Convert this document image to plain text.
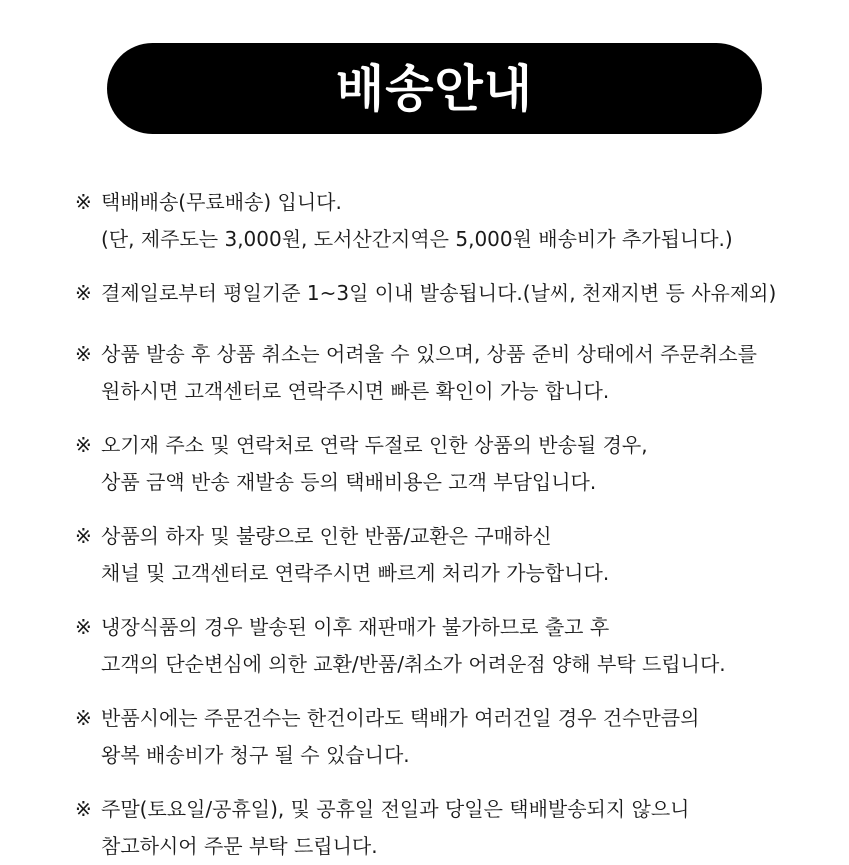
배송안내
※ 택배배송(무료배송) 입니다.
(단, 제주도는 3,000원, 도서산간지역은 5,000원 배송비가 추가됩니다.)
※ 결제일로부터 평일기준 1~3일 이내 발송됩니다.(날씨, 천재지변 등 사유제외)
※ 상품 발송 후 상품 취소는 어려울 수 있으며, 상품 준비 상태에서 주문취소를
원하시면 고객센터로 연락주시면 빠른 확인이 가능 합니다.
※ 오기재 주소 및 연락처로 연락 두절로 인한 상품의 반송될 경우,
상품 금액 반송 재발송 등의 택배비용은 고객 부담입니다.
※ 상품의 하자 및 불량으로 인한 반품/교환은 구매하신
채널 및 고객센터로 연락주시면 빠르게 처리가 가능합니다.
※ 냉장식품의 경우 발송된 이후 재판매가 불가하므로 출고 후
고객의 단순변심에 의한 교환/반품/취소가 어려운점 양해 부탁 드립니다.
※ 반품시에는 주문건수는 한건이라도 택배가 여러건일 경우 건수만큼의
왕복 배송비가 청구 될 수 있습니다.
※ 주말(토요일/공휴일), 및 공휴일 전일과 당일은 택배발송되지 않으니
참고하시어 주문 부탁 드립니다.
